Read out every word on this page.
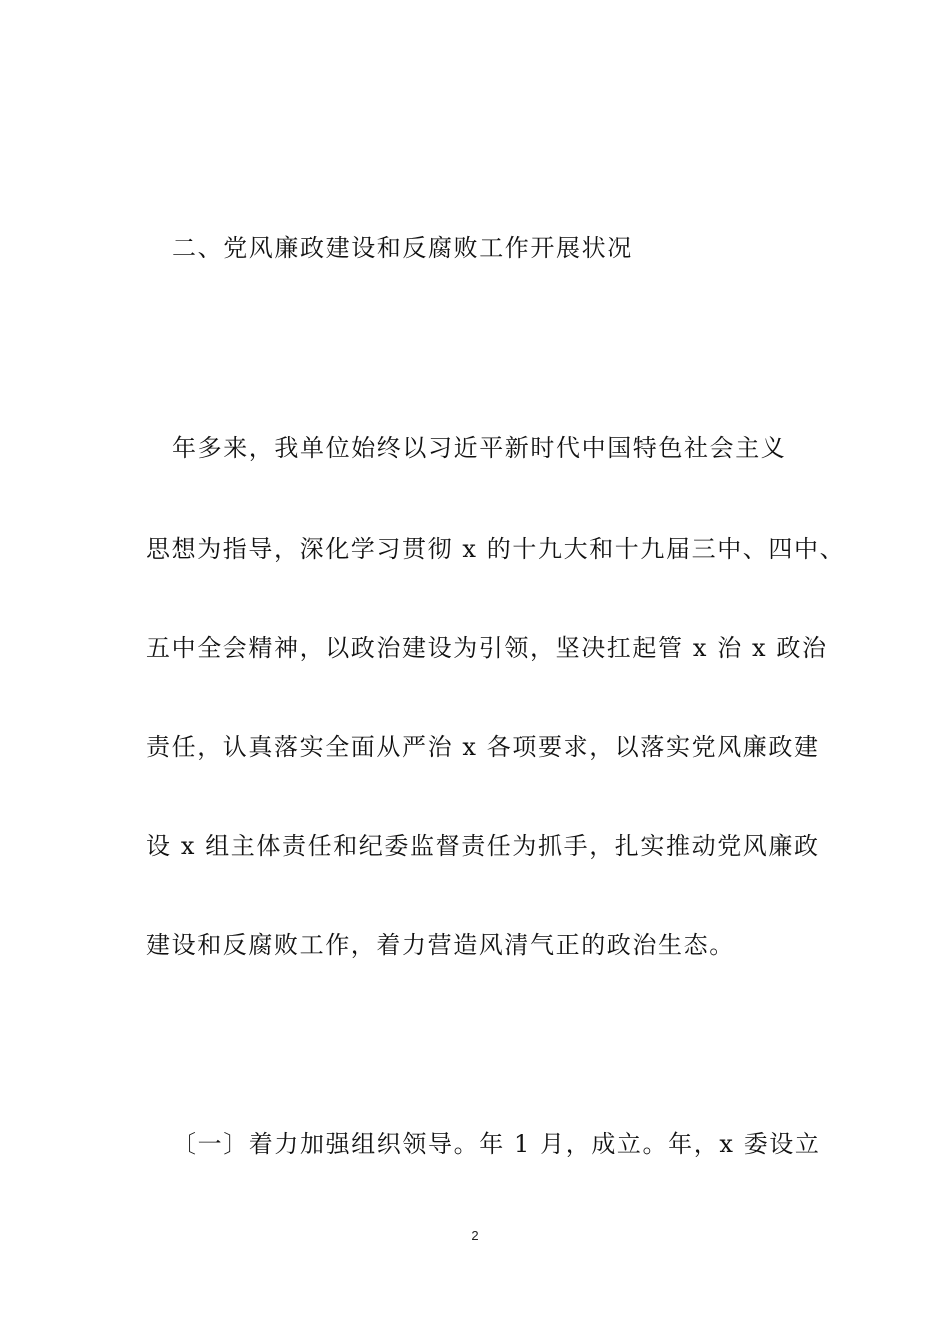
二、党风廉政建设和反腐败工作开展状况
年多来，我单位始终以习近平新时代中国特色社会主义
思想为指导，深化学习贯彻 x 的十九大和十九届三中、四中、
五中全会精神，以政治建设为引领，坚决扛起管 x 治 x 政治
责任，认真落实全面从严治 x 各项要求，以落实党风廉政建
设 x 组主体责任和纪委监督责任为抓手，扎实推动党风廉政
建设和反腐败工作，着力营造风清气正的政治生态。
〔一〕着力加强组织领导。年 1 月，成立。年，x 委设立
2
